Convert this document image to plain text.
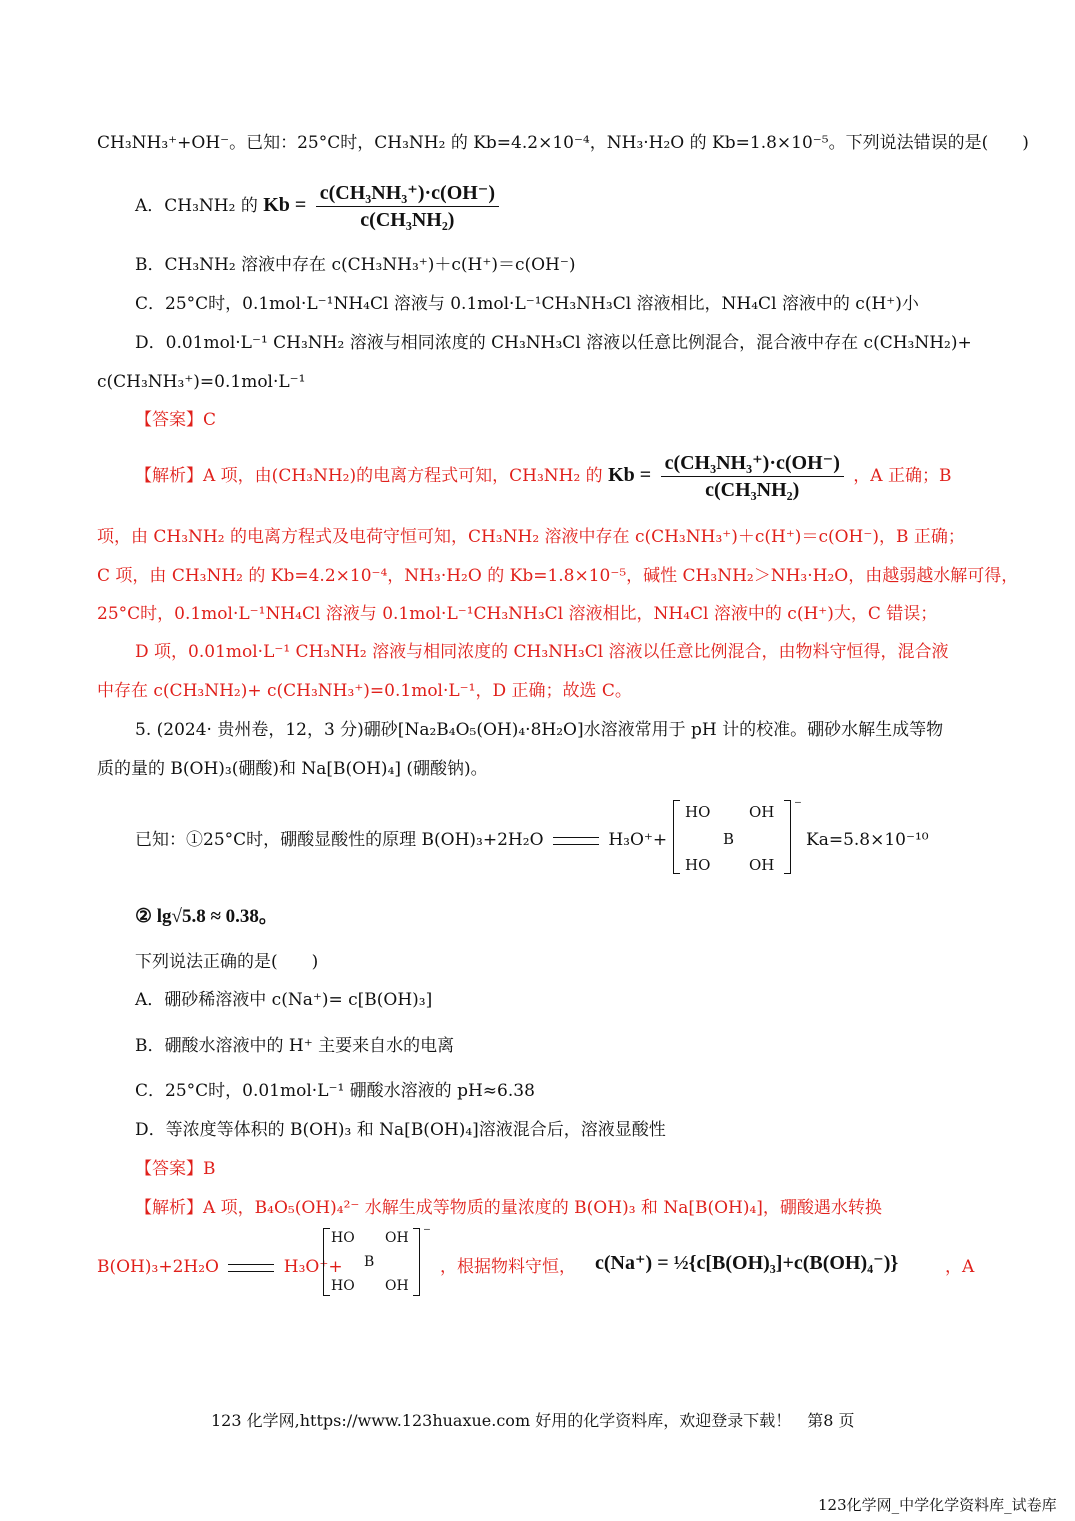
CH₃NH₃⁺+OH⁻。已知：25°C时，CH₃NH₂ 的 Kb=4.2×10⁻⁴，NH₃·H₂O 的 Kb=1.8×10⁻⁵。下列说法错误的是(　　)
A．CH₃NH₂ 的 $Kb = \frac{\text{c(CH₃NH₃⁺)·c(OH⁻)}}{\text{c(CH₃NH₂)}}$
B．CH₃NH₂ 溶液中存在 c(CH₃NH₃⁺)＋c(H⁺)＝c(OH⁻)
C．25°C时，0.1mol·L⁻¹NH₄Cl 溶液与 0.1mol·L⁻¹CH₃NH₃Cl 溶液相比，NH₄Cl 溶液中的 c(H⁺)小
D．0.01mol·L⁻¹ CH₃NH₂ 溶液与相同浓度的 CH₃NH₃Cl 溶液以任意比例混合，混合液中存在 c(CH₃NH₂)+
c(CH₃NH₃⁺)=0.1mol·L⁻¹
【答案】C
【解析】A 项，由(CH₃NH₂)的电离方程式可知，CH₃NH₂ 的 $Kb = \frac{\text{c(CH₃NH₃⁺)·c(OH⁻)}}{\text{c(CH₃NH₂)}}$ ，A 正确；B
项，由 CH₃NH₂ 的电离方程式及电荷守恒可知，CH₃NH₂ 溶液中存在 c(CH₃NH₃⁺)＋c(H⁺)＝c(OH⁻)，B 正确；
C 项，由 CH₃NH₂ 的 Kb=4.2×10⁻⁴，NH₃·H₂O 的 Kb=1.8×10⁻⁵，碱性 CH₃NH₂＞NH₃·H₂O，由越弱越水解可得，
25°C时，0.1mol·L⁻¹NH₄Cl 溶液与 0.1mol·L⁻¹CH₃NH₃Cl 溶液相比，NH₄Cl 溶液中的 c(H⁺)大，C 错误；
D 项，0.01mol·L⁻¹ CH₃NH₂ 溶液与相同浓度的 CH₃NH₃Cl 溶液以任意比例混合，由物料守恒得，混合液
中存在 c(CH₃NH₂)+ c(CH₃NH₃⁺)=0.1mol·L⁻¹，D 正确；故选 C。
5. (2024· 贵州卷，12，3 分)硼砂[Na₂B₄O₅(OH)₄·8H₂O]水溶液常用于 pH 计的校准。硼砂水解生成等物
质的量的 B(OH)₃(硼酸)和 Na[B(OH)₄] (硼酸钠)。
已知：①25°C时，硼酸显酸性的原理 B(OH)₃+2H₂O	H₃O⁺+
HO	OH
B
HO	OH
⁻
Ka=5.8×10⁻¹⁰
② lg√5.8 ≈ 0.38。
下列说法正确的是(　　)
A．硼砂稀溶液中 c(Na⁺)= c[B(OH)₃]
B．硼酸水溶液中的 H⁺ 主要来自水的电离
C．25°C时，0.01mol·L⁻¹ 硼酸水溶液的 pH≈6.38
D．等浓度等体积的 B(OH)₃ 和 Na[B(OH)₄]溶液混合后，溶液显酸性
【答案】B
【解析】A 项，B₄O₅(OH)₄²⁻ 水解生成等物质的量浓度的 B(OH)₃ 和 Na[B(OH)₄]，硼酸遇水转换
B(OH)₃+2H₂O	H₃O⁺+
HO OH
B
HO OH
⁻
，根据物料守恒， c(Na⁺) = ½{c[B(OH)₃]+c(B(OH)₄⁻)}	，A
123 化学网,https://www.123huaxue.com 好用的化学资料库，欢迎登录下载！　第8 页
123化学网_中学化学资料库_试卷库
